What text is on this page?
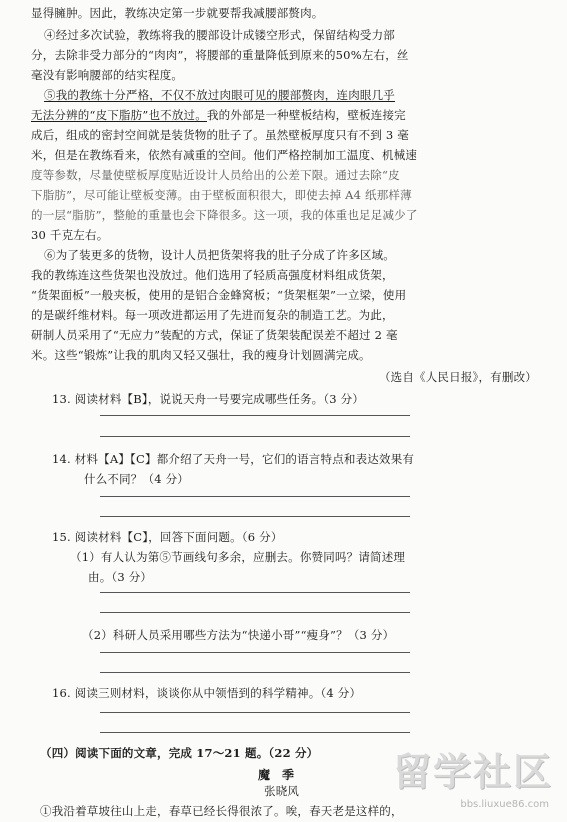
显得臃肿。因此，教练决定第一步就要帮我减腰部赘肉。
④经过多次试验，教练将我的腰部设计成镂空形式，保留结构受力部
分，去除非受力部分的“肉肉”，将腰部的重量降低到原来的50%左右，丝
毫没有影响腰部的结实程度。
⑤我的教练十分严格，不仅不放过肉眼可见的腰部赘肉，连肉眼几乎
无法分辨的“皮下脂肪”也不放过。我的外部是一种壁板结构，壁板连接完
成后，组成的密封空间就是装货物的肚子了。虽然壁板厚度只有不到 3 毫
米，但是在教练看来，依然有减重的空间。他们严格控制加工温度、机械速
度等参数，尽量使壁板厚度贴近设计人员给出的公差下限。通过去除“皮
下脂肪”，尽可能让壁板变薄。由于壁板面积很大，即使去掉 A4 纸那样薄
的一层“脂肪”，整舱的重量也会下降很多。这一项，我的体重也足足减少了
30 千克左右。
⑥为了装更多的货物，设计人员把货架将我的肚子分成了许多区域。
我的教练连这些货架也没放过。他们选用了轻质高强度材料组成货架，
“货架面板”一般夹板，使用的是铝合金蜂窝板；“货架框架”一立梁，使用
的是碳纤维材料。每一项改进都运用了先进而复杂的制造工艺。为此，
研制人员采用了“无应力”装配的方式，保证了货架装配误差不超过 2 毫
米。这些“锻炼”让我的肌肉又轻又强壮，我的瘦身计划圆满完成。
（选自《人民日报》，有删改）
13. 阅读材料【B】，说说天舟一号要完成哪些任务。（3 分）
14. 材料【A】【C】都介绍了天舟一号，它们的语言特点和表达效果有
什么不同？（4 分）
15. 阅读材料【C】，回答下面问题。（6 分）
（1）有人认为第⑤节画线句多余，应删去。你赞同吗？请简述理
由。（3 分）
（2）科研人员采用哪些方法为“快递小哥”“瘦身”？（3 分）
16. 阅读三则材料，谈谈你从中领悟到的科学精神。（4 分）
（四）阅读下面的文章，完成 17～21 题。（22 分）
魔　季
张晓风
①我沿着草坡往山上走，春草已经长得很浓了。唉，春天老是这样的，
留学社区
bbs.liuxue86.com
